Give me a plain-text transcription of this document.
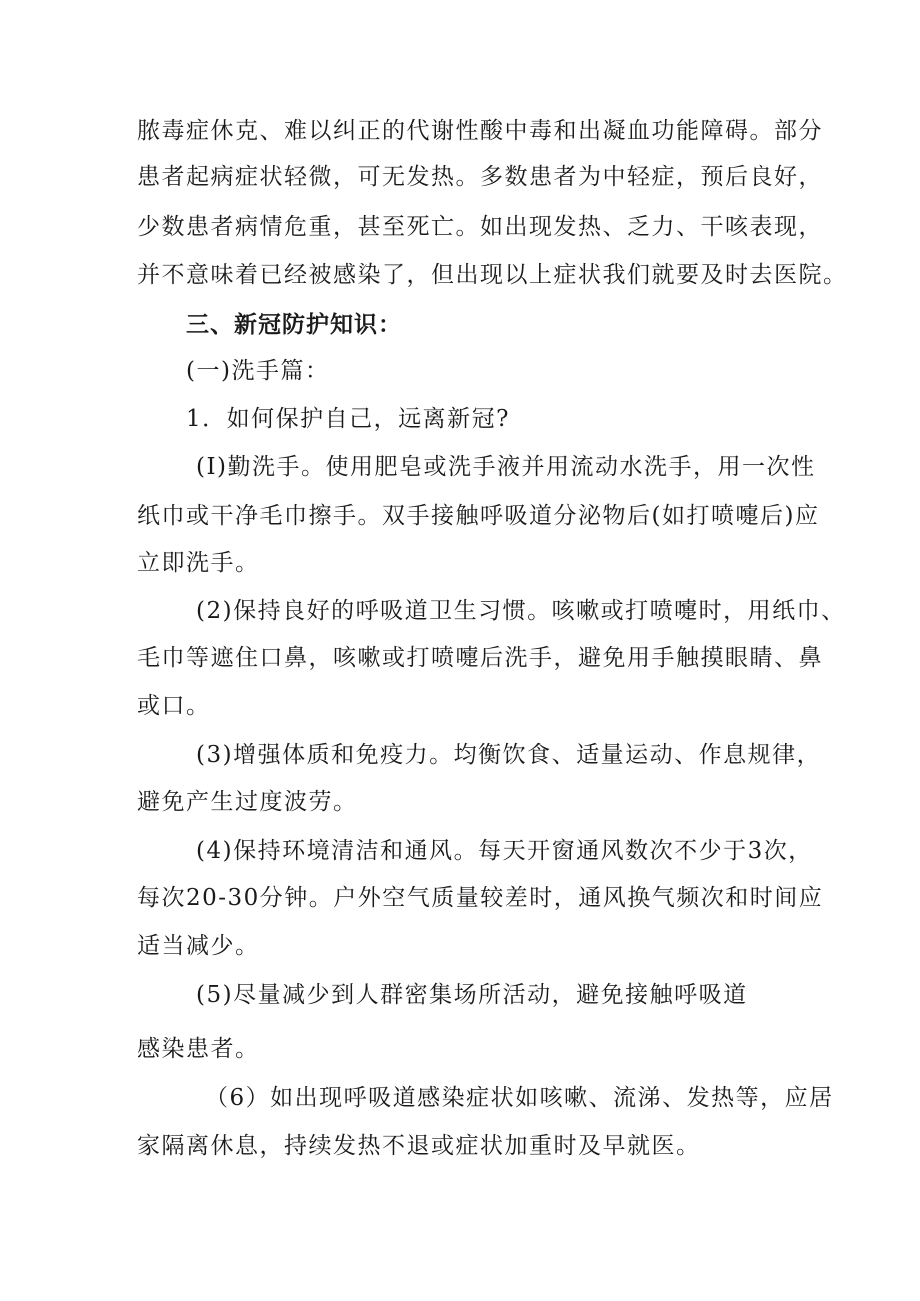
脓毒症休克、难以纠正的代谢性酸中毒和出凝血功能障碍。部分
患者起病症状轻微，可无发热。多数患者为中轻症，预后良好，
少数患者病情危重，甚至死亡。如出现发热、乏力、干咳表现，
并不意味着已经被感染了，但出现以上症状我们就要及时去医院。
三、新冠防护知识：
(一)洗手篇：
1．如何保护自己，远离新冠?
(I)勤洗手。使用肥皂或洗手液并用流动水洗手，用一次性
纸巾或干净毛巾擦手。双手接触呼吸道分泌物后(如打喷嚏后)应
立即洗手。
(2)保持良好的呼吸道卫生习惯。咳嗽或打喷嚏时，用纸巾、
毛巾等遮住口鼻，咳嗽或打喷嚏后洗手，避免用手触摸眼睛、鼻
或口。
(3)增强体质和免疫力。均衡饮食、适量运动、作息规律，
避免产生过度波劳。
(4)保持环境清洁和通风。每天开窗通风数次不少于3次，
每次20-30分钟。户外空气质量较差时，通风换气频次和时间应
适当减少。
(5)尽量减少到人群密集场所活动，避免接触呼吸道
感染患者。
（6）如出现呼吸道感染症状如咳嗽、流涕、发热等，应居
家隔离休息，持续发热不退或症状加重时及早就医。
